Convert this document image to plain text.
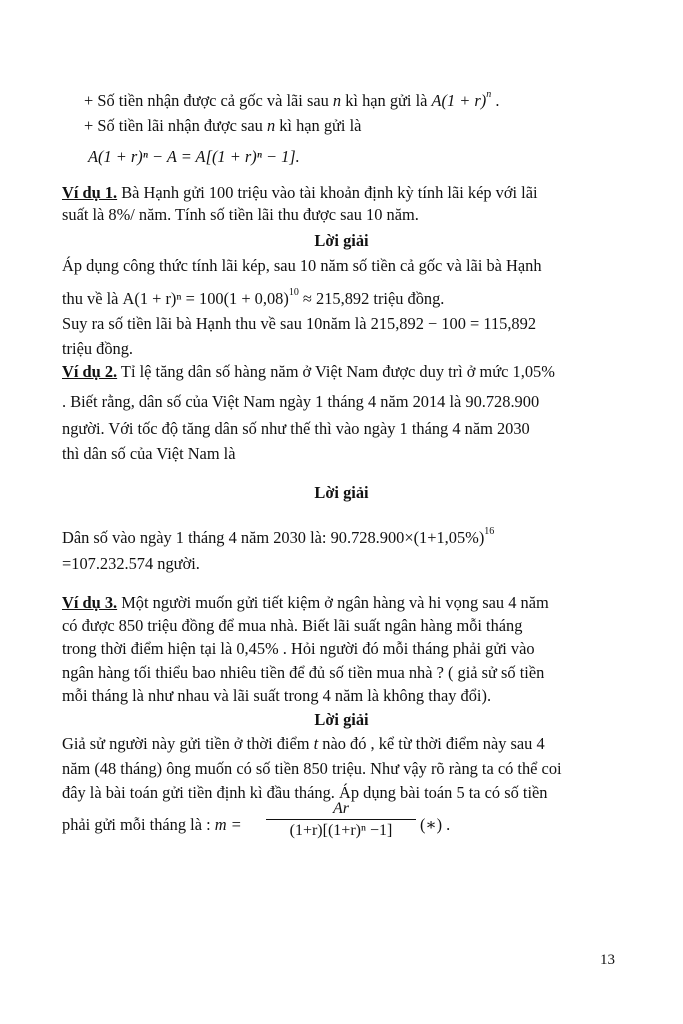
+ Số tiền nhận được cả gốc và lãi sau n kì hạn gửi là $A(1 + r)^n$ .
+ Số tiền lãi nhận được sau n kì hạn gửi là
A(1 + r)ⁿ − A = A[(1 + r)ⁿ − 1].
Ví dụ 1. Bà Hạnh gửi 100 triệu vào tài khoản định kỳ tính lãi kép với lãi
suất là 8%/ năm. Tính số tiền lãi thu được sau 10 năm.
Lời giải
Áp dụng công thức tính lãi kép, sau 10 năm số tiền cả gốc và lãi bà Hạnh
thu về là $A(1 + r)^n = 100(1 + 0,08)^{10} \approx 215,892$ triệu đồng.
Suy ra số tiền lãi bà Hạnh thu về sau 10năm là 215,892 − 100 = 115,892
triệu đồng.
Ví dụ 2. Tỉ lệ tăng dân số hàng năm ở Việt Nam được duy trì ở mức 1,05%
. Biết rằng, dân số của Việt Nam ngày 1 tháng 4 năm 2014 là 90.728.900
người. Với tốc độ tăng dân số như thế thì vào ngày 1 tháng 4 năm 2030
thì dân số của Việt Nam là
Lời giải
Dân số vào ngày 1 tháng 4 năm 2030 là: $90.728.900\times(1+1,05\%)^{16}$
=107.232.574 người.
Ví dụ 3. Một người muốn gửi tiết kiệm ở ngân hàng và hi vọng sau 4 năm
có được 850 triệu đồng để mua nhà. Biết lãi suất ngân hàng mỗi tháng
trong thời điểm hiện tại là 0,45% . Hỏi người đó mỗi tháng phải gửi vào
ngân hàng tối thiểu bao nhiêu tiền để đủ số tiền mua nhà ? ( giả sử số tiền
mỗi tháng là như nhau và lãi suất trong 4 năm là không thay đổi).
Lời giải
Giả sử người này gửi tiền ở thời điểm t nào đó , kể từ thời điểm này sau 4
năm (48 tháng) ông muốn có số tiền 850 triệu. Như vậy rõ ràng ta có thể coi
đây là bài toán gửi tiền định kì đầu tháng. Áp dụng bài toán 5 ta có số tiền
phải gửi mỗi tháng là : m =
Ar
(1+r)[(1+r)ⁿ −1]	(∗) .
13
